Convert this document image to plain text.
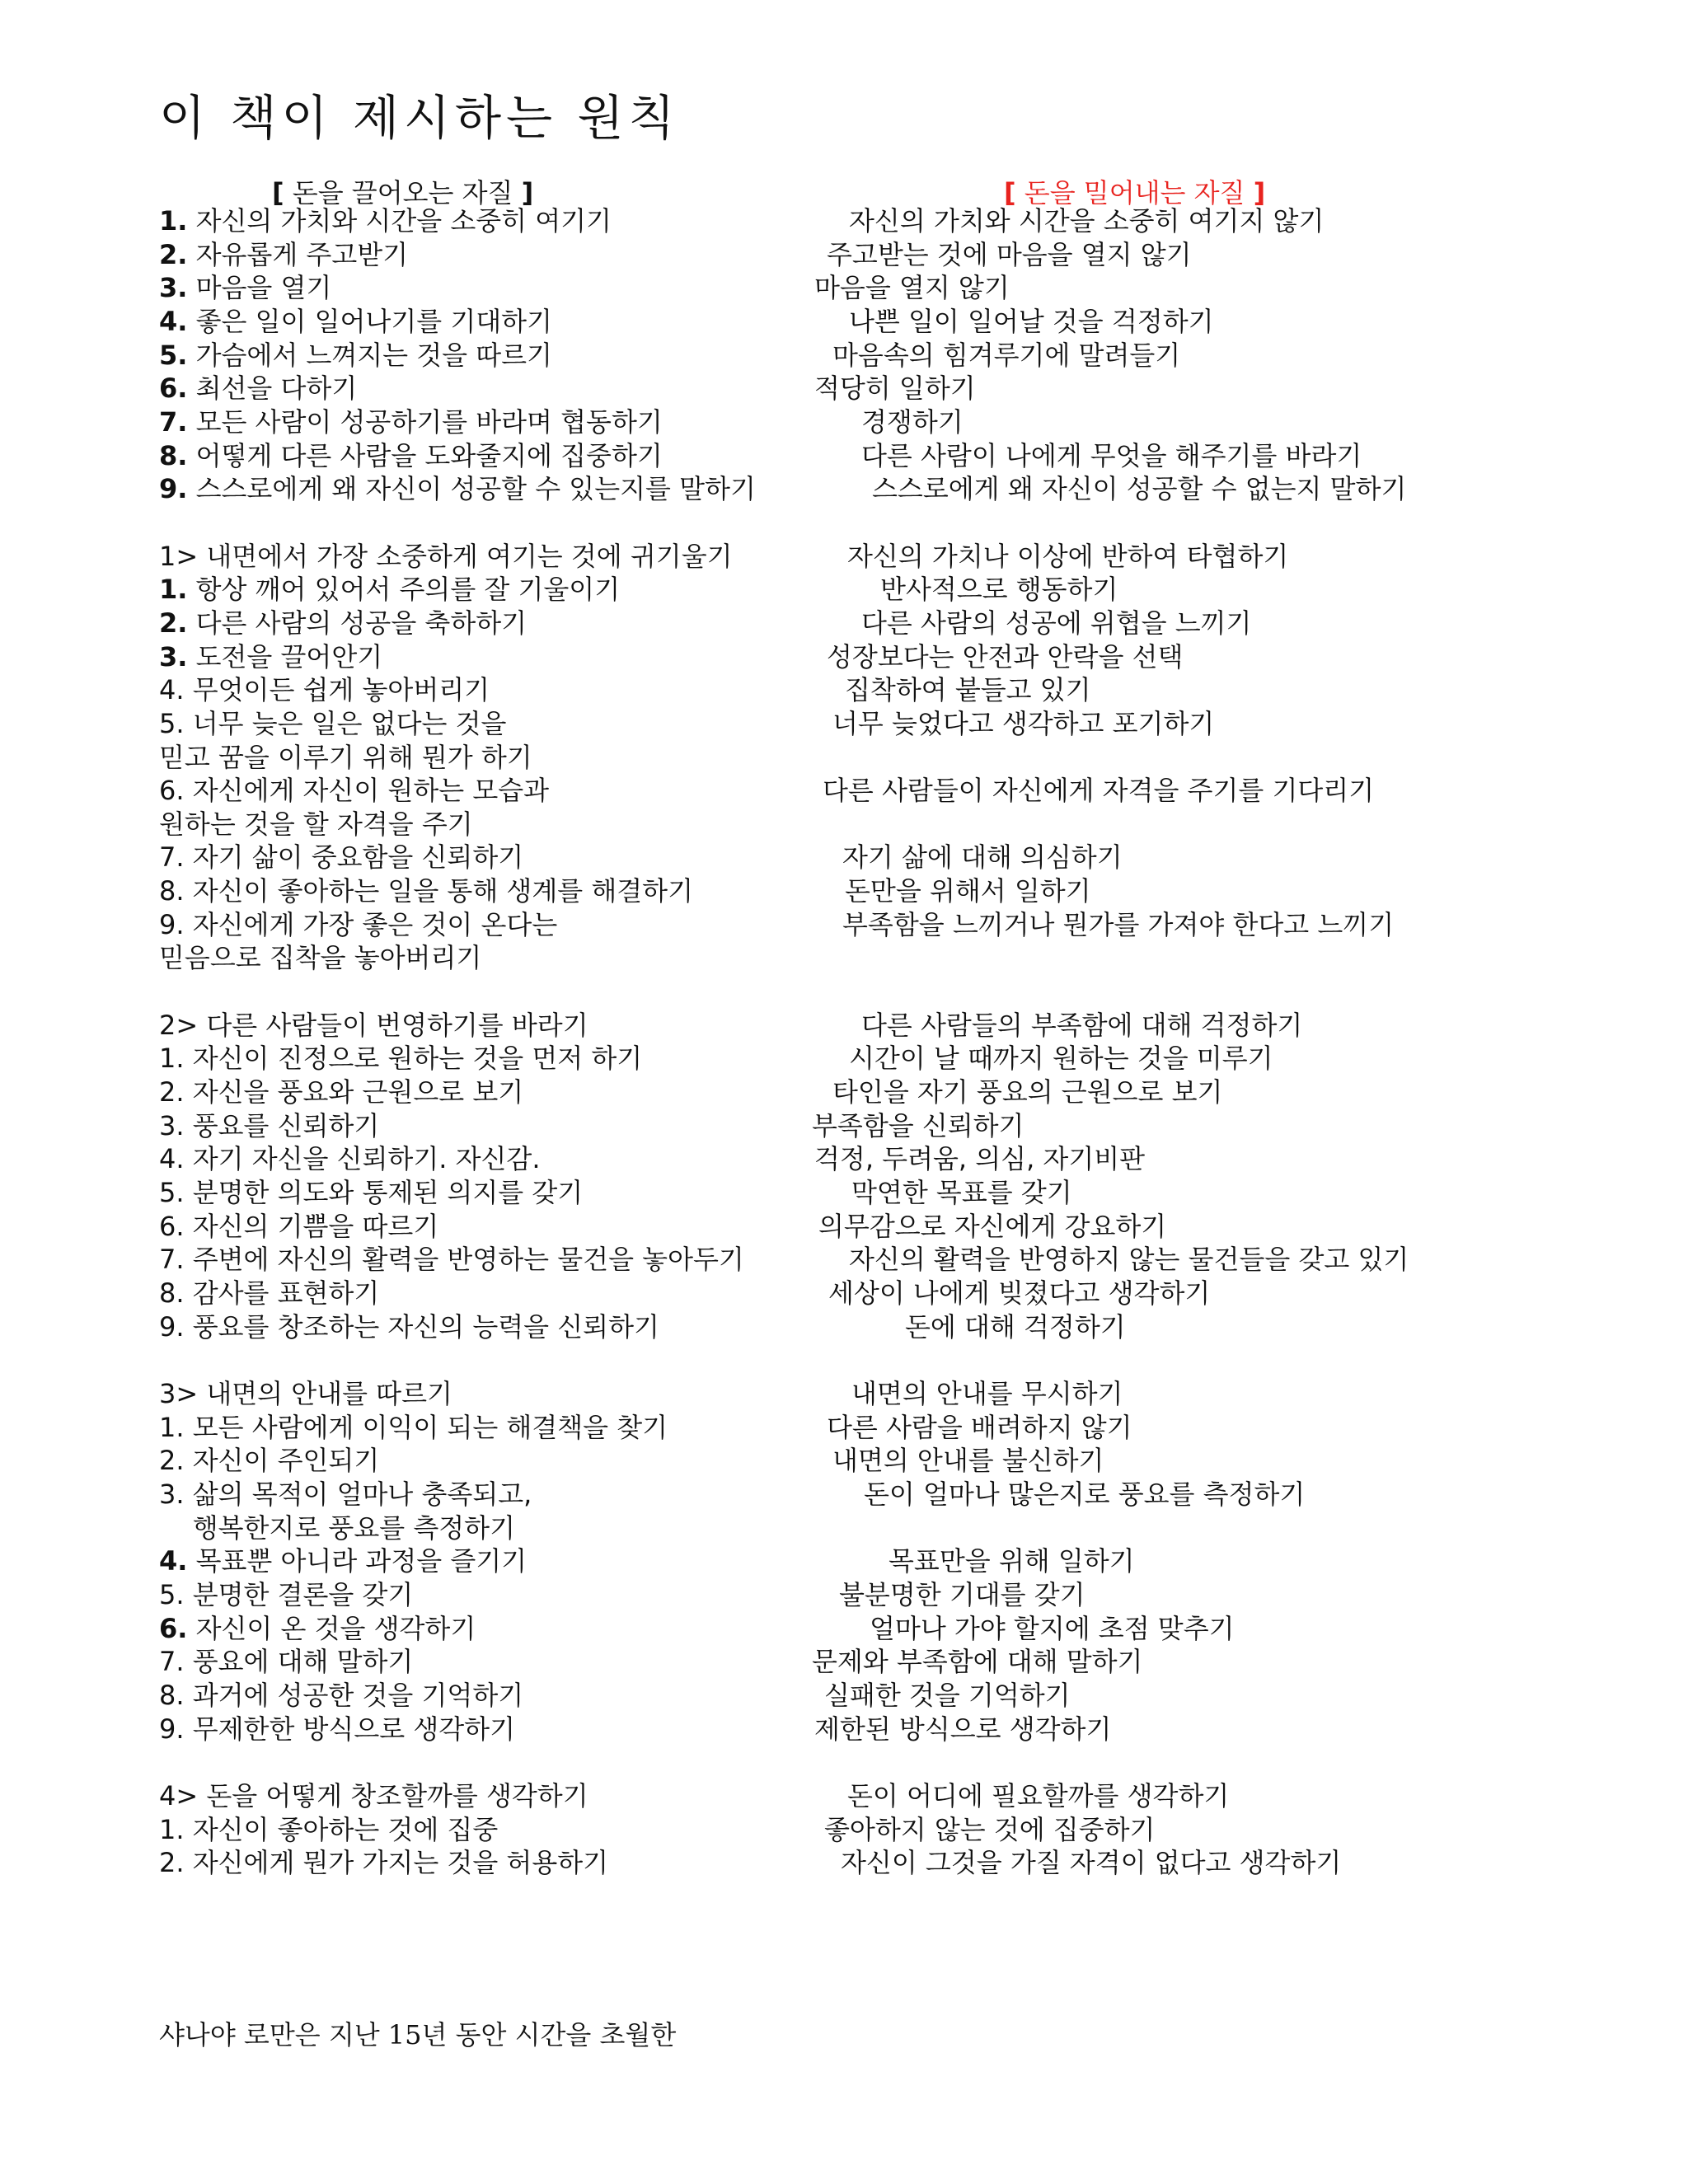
이 책이 제시하는 원칙
[ 돈을 끌어오는 자질 ]	[ 돈을 밀어내는 자질 ]
1. 자신의 가치와 시간을 소중히 여기기
2. 자유롭게 주고받기
3. 마음을 열기
4. 좋은 일이 일어나기를 기대하기
5. 가슴에서 느껴지는 것을 따르기
6. 최선을 다하기
7. 모든 사람이 성공하기를 바라며 협동하기
8. 어떻게 다른 사람을 도와줄지에 집중하기
9. 스스로에게 왜 자신이 성공할 수 있는지를 말하기
1> 내면에서 가장 소중하게 여기는 것에 귀기울기
1. 항상 깨어 있어서 주의를 잘 기울이기
2. 다른 사람의 성공을 축하하기
3. 도전을 끌어안기
4. 무엇이든 쉽게 놓아버리기
5. 너무 늦은 일은 없다는 것을
믿고 꿈을 이루기 위해 뭔가 하기
6. 자신에게 자신이 원하는 모습과
원하는 것을 할 자격을 주기
7. 자기 삶이 중요함을 신뢰하기
8. 자신이 좋아하는 일을 통해 생계를 해결하기
9. 자신에게 가장 좋은 것이 온다는
믿음으로 집착을 놓아버리기
2> 다른 사람들이 번영하기를 바라기
1. 자신이 진정으로 원하는 것을 먼저 하기
2. 자신을 풍요와 근원으로 보기
3. 풍요를 신뢰하기
4. 자기 자신을 신뢰하기. 자신감.
5. 분명한 의도와 통제된 의지를 갖기
6. 자신의 기쁨을 따르기
7. 주변에 자신의 활력을 반영하는 물건을 놓아두기
8. 감사를 표현하기
9. 풍요를 창조하는 자신의 능력을 신뢰하기
3> 내면의 안내를 따르기
1. 모든 사람에게 이익이 되는 해결책을 찾기
2. 자신이 주인되기
3. 삶의 목적이 얼마나 충족되고,
행복한지로 풍요를 측정하기
4. 목표뿐 아니라 과정을 즐기기
5. 분명한 결론을 갖기
6. 자신이 온 것을 생각하기
7. 풍요에 대해 말하기
8. 과거에 성공한 것을 기억하기
9. 무제한한 방식으로 생각하기
4> 돈을 어떻게 창조할까를 생각하기
1. 자신이 좋아하는 것에 집중
2. 자신에게 뭔가 가지는 것을 허용하기
자신의 가치와 시간을 소중히 여기지 않기
주고받는 것에 마음을 열지 않기
마음을 열지 않기
나쁜 일이 일어날 것을 걱정하기
마음속의 힘겨루기에 말려들기
적당히 일하기
경쟁하기
다른 사람이 나에게 무엇을 해주기를 바라기
스스로에게 왜 자신이 성공할 수 없는지 말하기
자신의 가치나 이상에 반하여 타협하기
반사적으로 행동하기
다른 사람의 성공에 위협을 느끼기
성장보다는 안전과 안락을 선택
집착하여 붙들고 있기
너무 늦었다고 생각하고 포기하기
다른 사람들이 자신에게 자격을 주기를 기다리기
자기 삶에 대해 의심하기
돈만을 위해서 일하기
부족함을 느끼거나 뭔가를 가져야 한다고 느끼기
다른 사람들의 부족함에 대해 걱정하기
시간이 날 때까지 원하는 것을 미루기
타인을 자기 풍요의 근원으로 보기
부족함을 신뢰하기
걱정, 두려움, 의심, 자기비판
막연한 목표를 갖기
의무감으로 자신에게 강요하기
자신의 활력을 반영하지 않는 물건들을 갖고 있기
세상이 나에게 빚졌다고 생각하기
돈에 대해 걱정하기
내면의 안내를 무시하기
다른 사람을 배려하지 않기
내면의 안내를 불신하기
돈이 얼마나 많은지로 풍요를 측정하기
목표만을 위해 일하기
불분명한 기대를 갖기
얼마나 가야 할지에 초점 맞추기
문제와 부족함에 대해 말하기
실패한 것을 기억하기
제한된 방식으로 생각하기
돈이 어디에 필요할까를 생각하기
좋아하지 않는 것에 집중하기
자신이 그것을 가질 자격이 없다고 생각하기
샤나야 로만은 지난 15년 동안 시간을 초월한
